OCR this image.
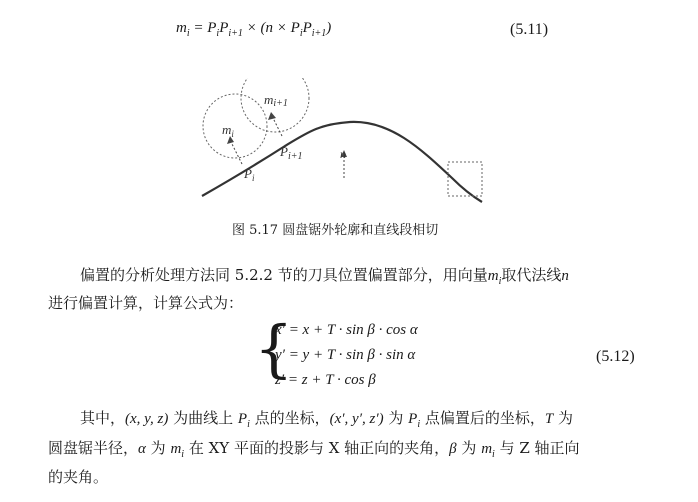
$m_i = P_iP_{i+1} \times (n \times P_iP_{i+1})$	(5.11)
$m_i$
mi+1
$P_{i+1}$
$P_i$
n
图 5.17 圆盘锯外轮廓和直线段相切
偏置的分析处理方法同 5.2.2 节的刀具位置偏置部分，用向量$m_i$取代法线n
进行偏置计算，计算公式为：
{
x′ = x + T · sin β · cos α
y′ = y + T · sin β · sin α
z′ = z + T · cos β
(5.12)
其中，(x, y, z) 为曲线上 $P_i$ 点的坐标，(x′, y′, z′) 为 $P_i$ 点偏置后的坐标，T 为
圆盘锯半径，α 为 $m_i$ 在 XY 平面的投影与 X 轴正向的夹角，β 为 $m_i$ 与 Z 轴正向
的夹角。
